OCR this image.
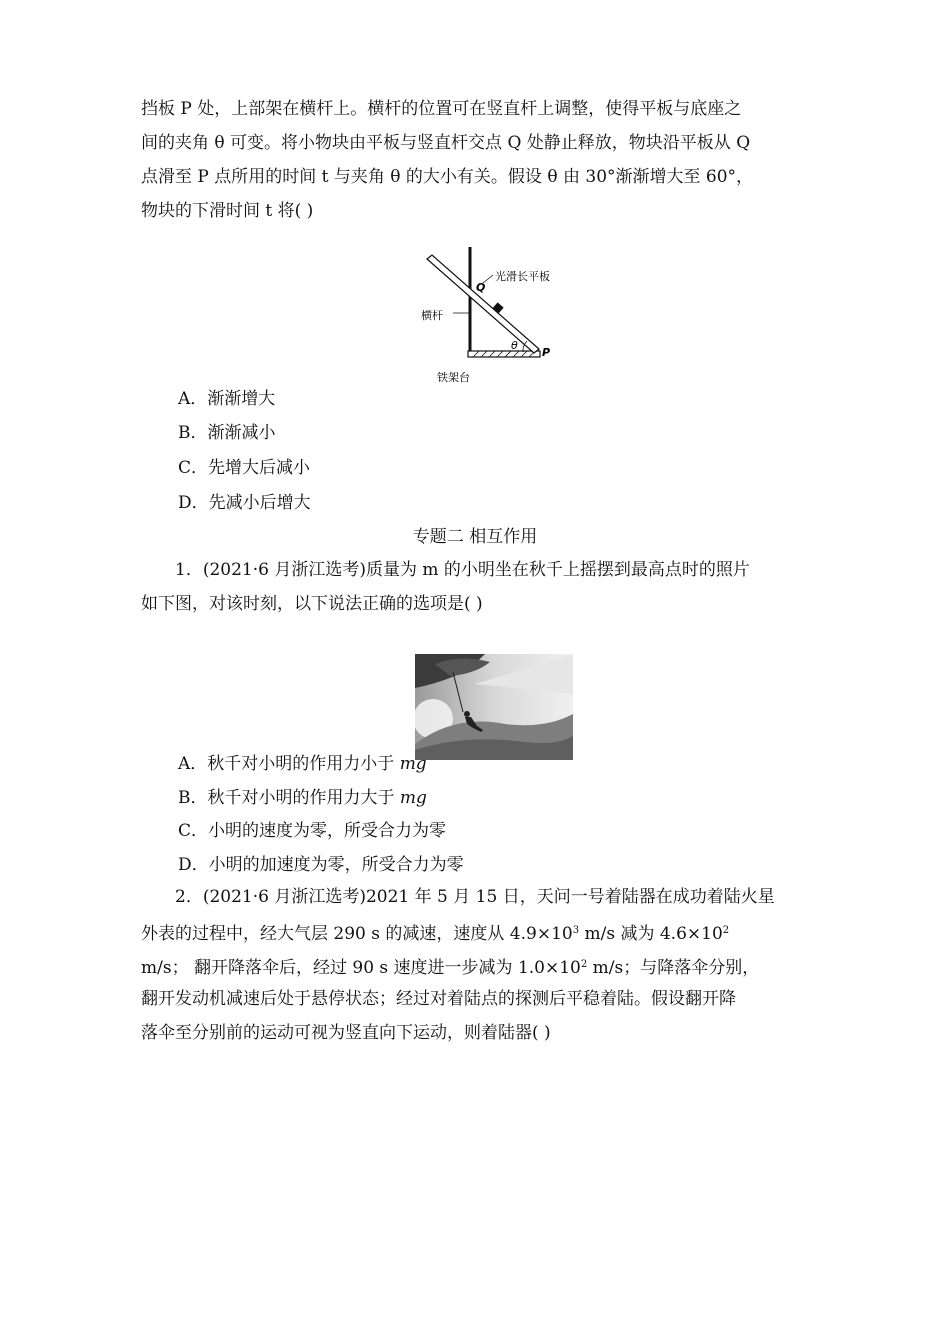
挡板 P 处，上部架在横杆上。横杆的位置可在竖直杆上调整，使得平板与底座之
间的夹角 θ 可变。将小物块由平板与竖直杆交点 Q 处静止释放，物块沿平板从 Q
点滑至 P 点所用的时间 t 与夹角 θ 的大小有关。假设 θ 由 30°渐渐增大至 60°，
物块的下滑时间 t 将( )
光滑长平板
Q
横杆
θ
P
铁架台
A．渐渐增大
B．渐渐减小
C．先增大后减小
D．先减小后增大
专题二 相互作用
1．(2021·6 月浙江选考)质量为 m 的小明坐在秋千上摇摆到最高点时的照片
如下图，对该时刻，以下说法正确的选项是( )
A．秋千对小明的作用力小于 mg
B．秋千对小明的作用力大于 mg
C．小明的速度为零，所受合力为零
D．小明的加速度为零，所受合力为零
2．(2021·6 月浙江选考)2021 年 5 月 15 日，天问一号着陆器在成功着陆火星
外表的过程中，经大气层 290 s 的减速，速度从 $4.9\times 10^3$ m/s 减为 $4.6\times 10^2$
m/s； 翻开降落伞后，经过 90 s 速度进一步减为 $1.0\times 10^2$ m/s；与降落伞分别，
翻开发动机减速后处于悬停状态；经过对着陆点的探测后平稳着陆。假设翻开降
落伞至分别前的运动可视为竖直向下运动，则着陆器( )
